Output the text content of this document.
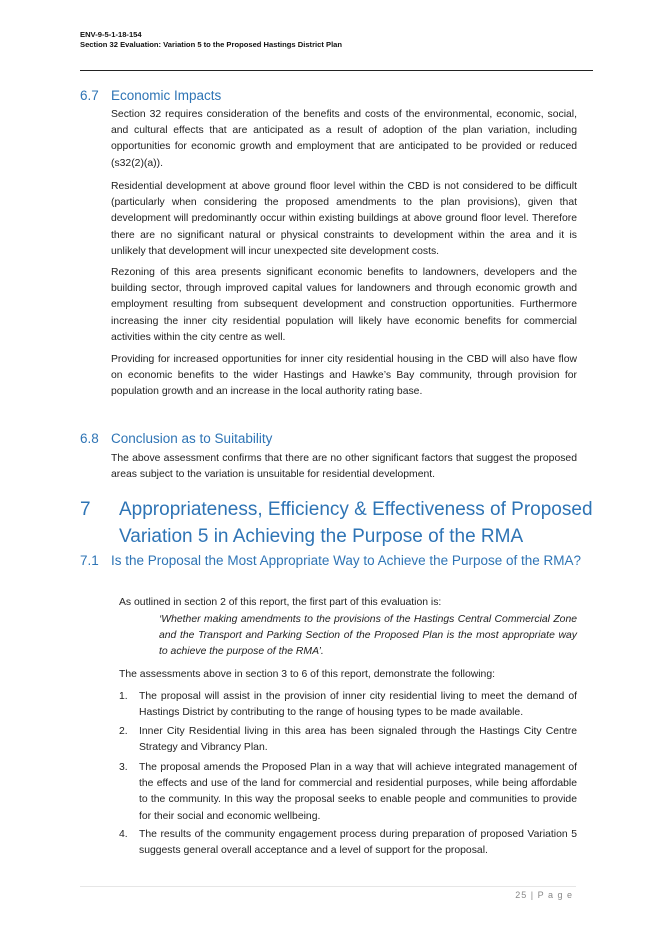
ENV-9-5-1-18-154
Section 32 Evaluation: Variation 5 to the Proposed Hastings District Plan
6.7 Economic Impacts
Section 32 requires consideration of the benefits and costs of the environmental, economic, social, and cultural effects that are anticipated as a result of adoption of the plan variation, including opportunities for economic growth and employment that are anticipated to be provided or reduced (s32(2)(a)).
Residential development at above ground floor level within the CBD is not considered to be difficult (particularly when considering the proposed amendments to the plan provisions), given that development will predominantly occur within existing buildings at above ground floor level. Therefore there are no significant natural or physical constraints to development within the area and it is unlikely that development will incur unexpected site development costs.
Rezoning of this area presents significant economic benefits to landowners, developers and the building sector, through improved capital values for landowners and through economic growth and employment resulting from subsequent development and construction opportunities. Furthermore increasing the inner city residential population will likely have economic benefits for commercial activities within the city centre as well.
Providing for increased opportunities for inner city residential housing in the CBD will also have flow on economic benefits to the wider Hastings and Hawke’s Bay community, through provision for population growth and an increase in the local authority rating base.
6.8 Conclusion as to Suitability
The above assessment confirms that there are no other significant factors that suggest the proposed areas subject to the variation is unsuitable for residential development.
7 Appropriateness, Efficiency & Effectiveness of Proposed Variation 5 in Achieving the Purpose of the RMA
7.1 Is the Proposal the Most Appropriate Way to Achieve the Purpose of the RMA?
As outlined in section 2 of this report, the first part of this evaluation is:
‘Whether making amendments to the provisions of the Hastings Central Commercial Zone and the Transport and Parking Section of the Proposed Plan is the most appropriate way to achieve the purpose of the RMA’.
The assessments above in section 3 to 6 of this report, demonstrate the following:
1. The proposal will assist in the provision of inner city residential living to meet the demand of Hastings District by contributing to the range of housing types to be made available.
2. Inner City Residential living in this area has been signaled through the Hastings City Centre Strategy and Vibrancy Plan.
3. The proposal amends the Proposed Plan in a way that will achieve integrated management of the effects and use of the land for commercial and residential purposes, while being affordable to the community. In this way the proposal seeks to enable people and communities to provide for their social and economic wellbeing.
4. The results of the community engagement process during preparation of proposed Variation 5 suggests general overall acceptance and a level of support for the proposal.
25 | P a g e
